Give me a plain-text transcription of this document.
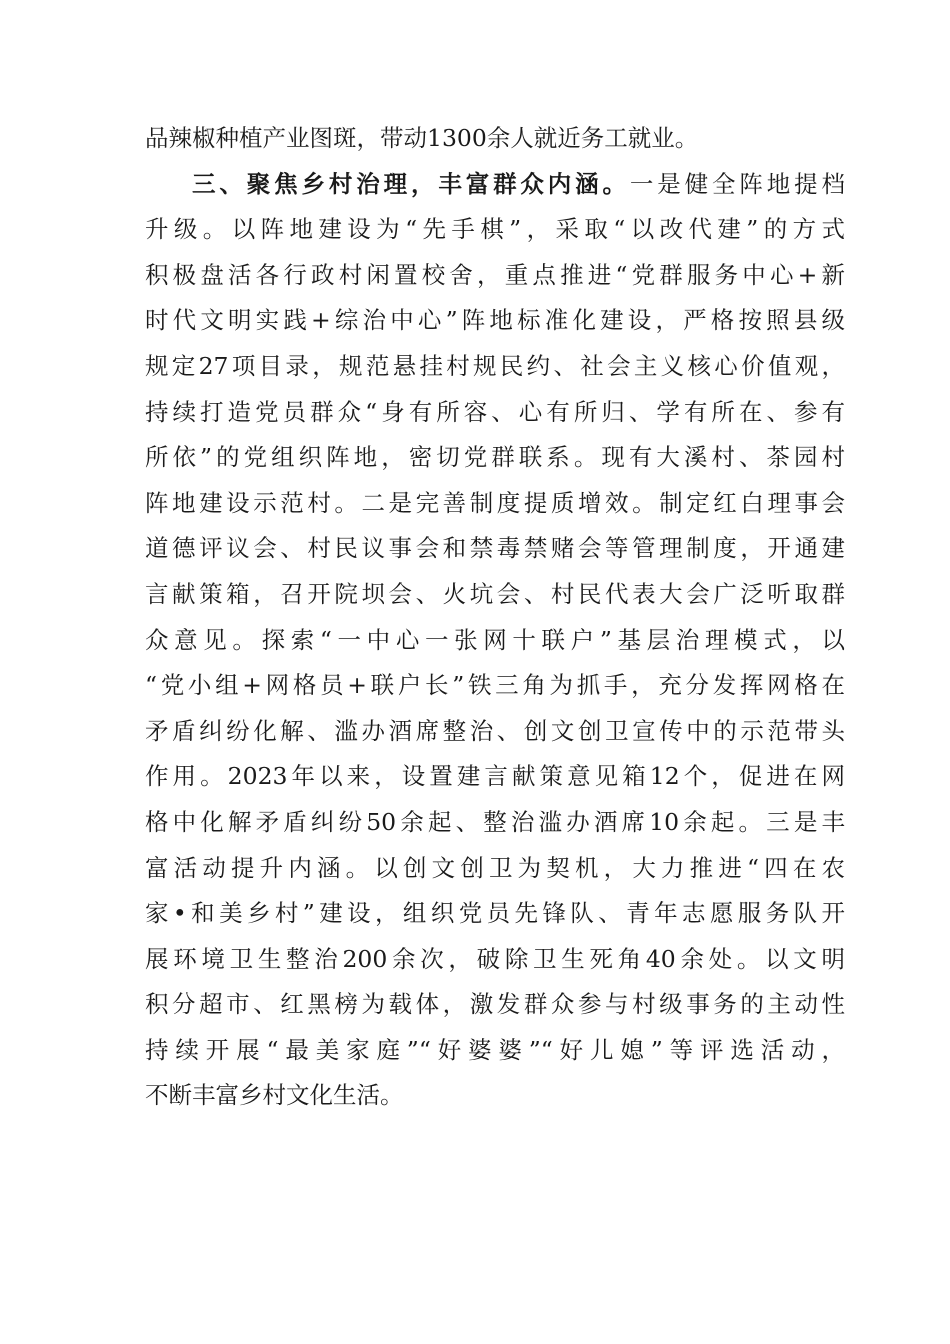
品辣椒种植产业图斑，带动1300余人就近务工就业。
三、聚焦乡村治理，丰富群众内涵。一是健全阵地提档
升级。以阵地建设为“先手棋”，采取“以改代建”的方式
积极盘活各行政村闲置校舍，重点推进“党群服务中心+新
时代文明实践+综治中心”阵地标准化建设，严格按照县级
规定27项目录，规范悬挂村规民约、社会主义核心价值观，
持续打造党员群众“身有所容、心有所归、学有所在、参有
所依”的党组织阵地，密切党群联系。现有大溪村、茶园村
阵地建设示范村。二是完善制度提质增效。制定红白理事会
道德评议会、村民议事会和禁毒禁赌会等管理制度，开通建
言献策箱，召开院坝会、火坑会、村民代表大会广泛听取群
众意见。探索“一中心一张网十联户”基层治理模式，以
“党小组+网格员+联户长”铁三角为抓手，充分发挥网格在
矛盾纠纷化解、滥办酒席整治、创文创卫宣传中的示范带头
作用。2023年以来，设置建言献策意见箱12个，促进在网
格中化解矛盾纠纷50余起、整治滥办酒席10余起。三是丰
富活动提升内涵。以创文创卫为契机，大力推进“四在农
家•和美乡村”建设，组织党员先锋队、青年志愿服务队开
展环境卫生整治200余次，破除卫生死角40余处。以文明
积分超市、红黑榜为载体，激发群众参与村级事务的主动性
持续开展“最美家庭”“好婆婆”“好儿媳”等评选活动，
不断丰富乡村文化生活。
